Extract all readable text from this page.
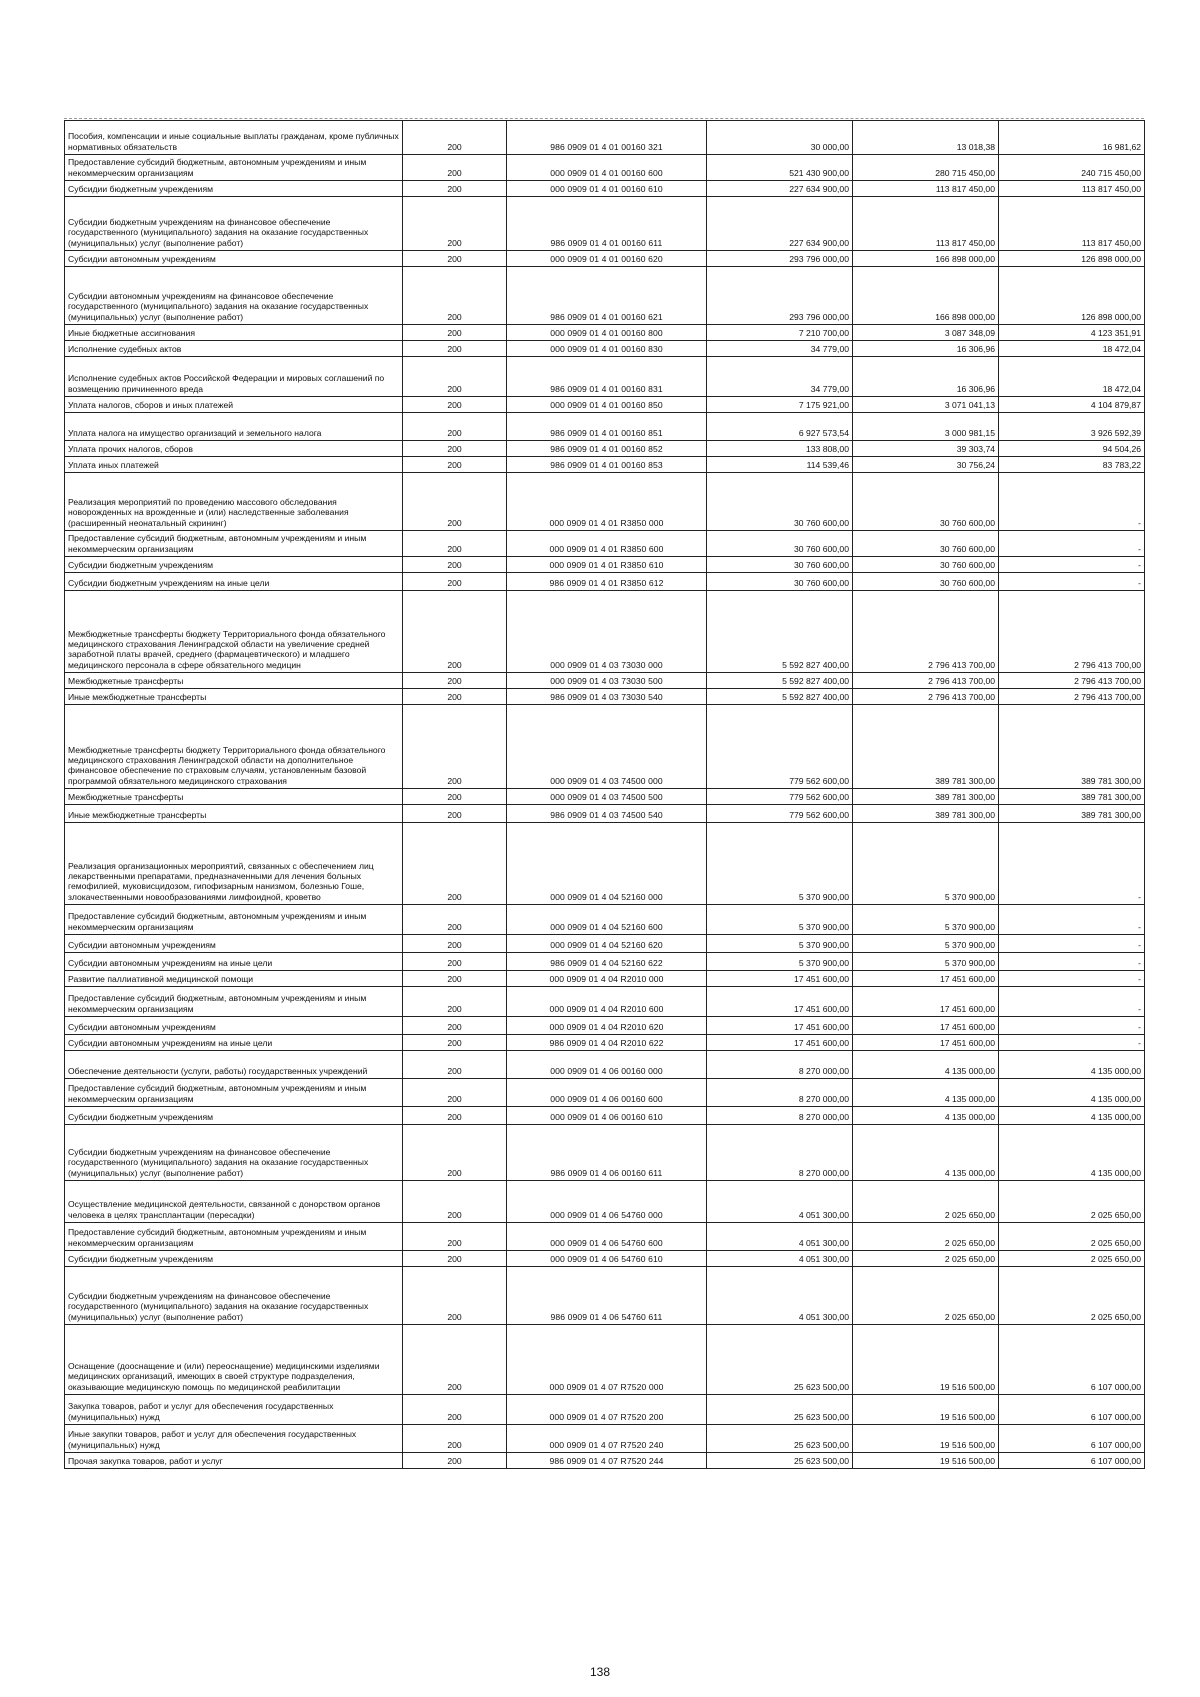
Пособия, компенсации и иные социальные выплаты гражданам, кроме публичных нормативных обязательств	200	986 0909 01 4 01 00160 321	30 000,00	13 018,38	16 981,62
Предоставление субсидий бюджетным, автономным учреждениям и иным некоммерческим организациям	200	000 0909 01 4 01 00160 600	521 430 900,00	280 715 450,00	240 715 450,00
Субсидии бюджетным учреждениям	200	000 0909 01 4 01 00160 610	227 634 900,00	113 817 450,00	113 817 450,00
Субсидии бюджетным учреждениям на финансовое обеспечение государственного (муниципального) задания на оказание государственных (муниципальных) услуг (выполнение работ)	200	986 0909 01 4 01 00160 611	227 634 900,00	113 817 450,00	113 817 450,00
Субсидии автономным учреждениям	200	000 0909 01 4 01 00160 620	293 796 000,00	166 898 000,00	126 898 000,00
Субсидии автономным учреждениям на финансовое обеспечение государственного (муниципального) задания на оказание государственных (муниципальных) услуг (выполнение работ)	200	986 0909 01 4 01 00160 621	293 796 000,00	166 898 000,00	126 898 000,00
Иные бюджетные ассигнования	200	000 0909 01 4 01 00160 800	7 210 700,00	3 087 348,09	4 123 351,91
Исполнение судебных актов	200	000 0909 01 4 01 00160 830	34 779,00	16 306,96	18 472,04
Исполнение судебных актов Российской Федерации и мировых соглашений по возмещению причиненного вреда	200	986 0909 01 4 01 00160 831	34 779,00	16 306,96	18 472,04
Уплата налогов, сборов и иных платежей	200	000 0909 01 4 01 00160 850	7 175 921,00	3 071 041,13	4 104 879,87
Уплата налога на имущество организаций и земельного налога	200	986 0909 01 4 01 00160 851	6 927 573,54	3 000 981,15	3 926 592,39
Уплата прочих налогов, сборов	200	986 0909 01 4 01 00160 852	133 808,00	39 303,74	94 504,26
Уплата иных платежей	200	986 0909 01 4 01 00160 853	114 539,46	30 756,24	83 783,22
Реализация мероприятий по проведению массового обследования новорожденных на врожденные и (или) наследственные заболевания (расширенный неонатальный скрининг)	200	000 0909 01 4 01 R3850 000	30 760 600,00	30 760 600,00	-
Предоставление субсидий бюджетным, автономным учреждениям и иным некоммерческим организациям	200	000 0909 01 4 01 R3850 600	30 760 600,00	30 760 600,00	-
Субсидии бюджетным учреждениям	200	000 0909 01 4 01 R3850 610	30 760 600,00	30 760 600,00	-
Субсидии бюджетным учреждениям на иные цели	200	986 0909 01 4 01 R3850 612	30 760 600,00	30 760 600,00	-
Межбюджетные трансферты бюджету Территориального фонда обязательного медицинского страхования Ленинградской области на увеличение средней заработной платы врачей, среднего (фармацевтического) и младшего медицинского персонала в сфере обязательного медицин	200	000 0909 01 4 03 73030 000	5 592 827 400,00	2 796 413 700,00	2 796 413 700,00
Межбюджетные трансферты	200	000 0909 01 4 03 73030 500	5 592 827 400,00	2 796 413 700,00	2 796 413 700,00
Иные межбюджетные трансферты	200	986 0909 01 4 03 73030 540	5 592 827 400,00	2 796 413 700,00	2 796 413 700,00
Межбюджетные трансферты бюджету Территориального фонда обязательного медицинского страхования Ленинградской области на дополнительное финансовое обеспечение по страховым случаям, установленным базовой программой обязательного медицинского страхования	200	000 0909 01 4 03 74500 000	779 562 600,00	389 781 300,00	389 781 300,00
Межбюджетные трансферты	200	000 0909 01 4 03 74500 500	779 562 600,00	389 781 300,00	389 781 300,00
Иные межбюджетные трансферты	200	986 0909 01 4 03 74500 540	779 562 600,00	389 781 300,00	389 781 300,00
Реализация организационных мероприятий, связанных с обеспечением лиц лекарственными препаратами, предназначенными для лечения больных гемофилией, муковисцидозом, гипофизарным нанизмом, болезнью Гоше, злокачественными новообразованиями лимфоидной, кроветво	200	000 0909 01 4 04 52160 000	5 370 900,00	5 370 900,00	-
Предоставление субсидий бюджетным, автономным учреждениям и иным некоммерческим организациям	200	000 0909 01 4 04 52160 600	5 370 900,00	5 370 900,00	-
Субсидии автономным учреждениям	200	000 0909 01 4 04 52160 620	5 370 900,00	5 370 900,00	-
Субсидии автономным учреждениям на иные цели	200	986 0909 01 4 04 52160 622	5 370 900,00	5 370 900,00	-
Развитие паллиативной медицинской помощи	200	000 0909 01 4 04 R2010 000	17 451 600,00	17 451 600,00	-
Предоставление субсидий бюджетным, автономным учреждениям и иным некоммерческим организациям	200	000 0909 01 4 04 R2010 600	17 451 600,00	17 451 600,00	-
Субсидии автономным учреждениям	200	000 0909 01 4 04 R2010 620	17 451 600,00	17 451 600,00	-
Субсидии автономным учреждениям на иные цели	200	986 0909 01 4 04 R2010 622	17 451 600,00	17 451 600,00	-
Обеспечение деятельности (услуги, работы) государственных учреждений	200	000 0909 01 4 06 00160 000	8 270 000,00	4 135 000,00	4 135 000,00
Предоставление субсидий бюджетным, автономным учреждениям и иным некоммерческим организациям	200	000 0909 01 4 06 00160 600	8 270 000,00	4 135 000,00	4 135 000,00
Субсидии бюджетным учреждениям	200	000 0909 01 4 06 00160 610	8 270 000,00	4 135 000,00	4 135 000,00
Субсидии бюджетным учреждениям на финансовое обеспечение государственного (муниципального) задания на оказание государственных (муниципальных) услуг (выполнение работ)	200	986 0909 01 4 06 00160 611	8 270 000,00	4 135 000,00	4 135 000,00
Осуществление медицинской деятельности, связанной с донорством органов человека в целях трансплантации (пересадки)	200	000 0909 01 4 06 54760 000	4 051 300,00	2 025 650,00	2 025 650,00
Предоставление субсидий бюджетным, автономным учреждениям и иным некоммерческим организациям	200	000 0909 01 4 06 54760 600	4 051 300,00	2 025 650,00	2 025 650,00
Субсидии бюджетным учреждениям	200	000 0909 01 4 06 54760 610	4 051 300,00	2 025 650,00	2 025 650,00
Субсидии бюджетным учреждениям на финансовое обеспечение государственного (муниципального) задания на оказание государственных (муниципальных) услуг (выполнение работ)	200	986 0909 01 4 06 54760 611	4 051 300,00	2 025 650,00	2 025 650,00
Оснащение (дооснащение и (или) переоснащение) медицинскими изделиями медицинских организаций, имеющих в своей структуре подразделения, оказывающие медицинскую помощь по медицинской реабилитации	200	000 0909 01 4 07 R7520 000	25 623 500,00	19 516 500,00	6 107 000,00
Закупка товаров, работ и услуг для обеспечения государственных (муниципальных) нужд	200	000 0909 01 4 07 R7520 200	25 623 500,00	19 516 500,00	6 107 000,00
Иные закупки товаров, работ и услуг для обеспечения государственных (муниципальных) нужд	200	000 0909 01 4 07 R7520 240	25 623 500,00	19 516 500,00	6 107 000,00
Прочая закупка товаров, работ и услуг	200	986 0909 01 4 07 R7520 244	25 623 500,00	19 516 500,00	6 107 000,00
138
